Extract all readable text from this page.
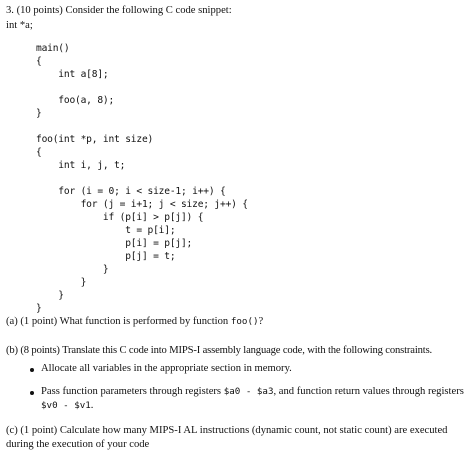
3. (10 points) Consider the following C code snippet:
int *a;
main()
{
int a[8];
foo(a, 8);
}
foo(int *p, int size)
{
int i, j, t;
for (i = 0; i < size-1; i++) {
for (j = i+1; j < size; j++) {
if (p[i] > p[j]) {
t = p[i];
p[i] = p[j];
p[j] = t;
}
}
}
}
(a) (1 point) What function is performed by function foo()?
(b) (8 points) Translate this C code into MIPS-I assembly language code, with the following constraints.
Allocate all variables in the appropriate section in memory.
Pass function parameters through registers $a0 - $a3, and function return values through registers $v0 - $v1.
(c) (1 point) Calculate how many MIPS-I AL instructions (dynamic count, not static count) are executed during the execution of your code
